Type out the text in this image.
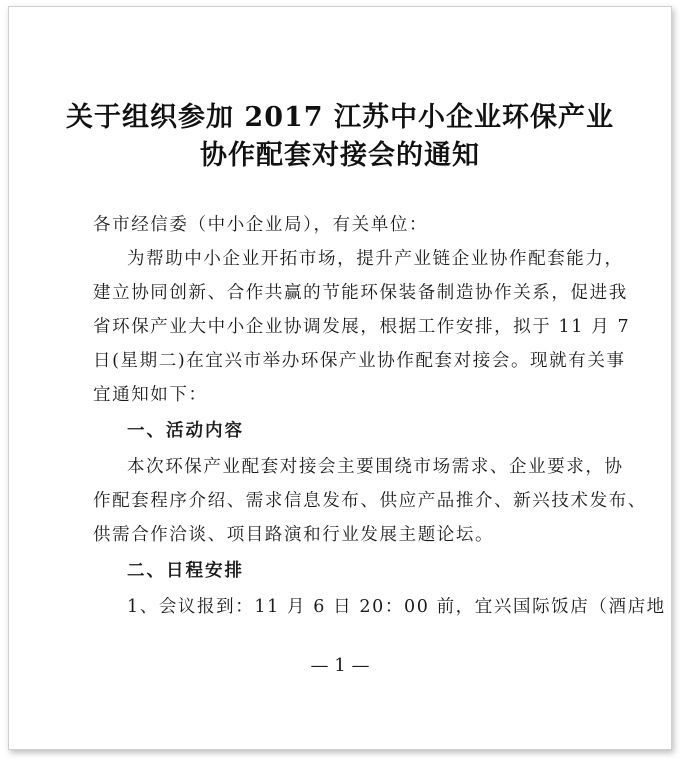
关于组织参加 2017 江苏中小企业环保产业
协作配套对接会的通知
各市经信委（中小企业局），有关单位：
为帮助中小企业开拓市场，提升产业链企业协作配套能力，
建立协同创新、合作共赢的节能环保装备制造协作关系，促进我
省环保产业大中小企业协调发展，根据工作安排，拟于 11 月 7
日(星期二)在宜兴市举办环保产业协作配套对接会。现就有关事
宜通知如下：
一、活动内容
本次环保产业配套对接会主要围绕市场需求、企业要求，协
作配套程序介绍、需求信息发布、供应产品推介、新兴技术发布、
供需合作洽谈、项目路演和行业发展主题论坛。
二、日程安排
1、会议报到：11 月 6 日 20：00 前，宜兴国际饭店（酒店地
— 1 —
